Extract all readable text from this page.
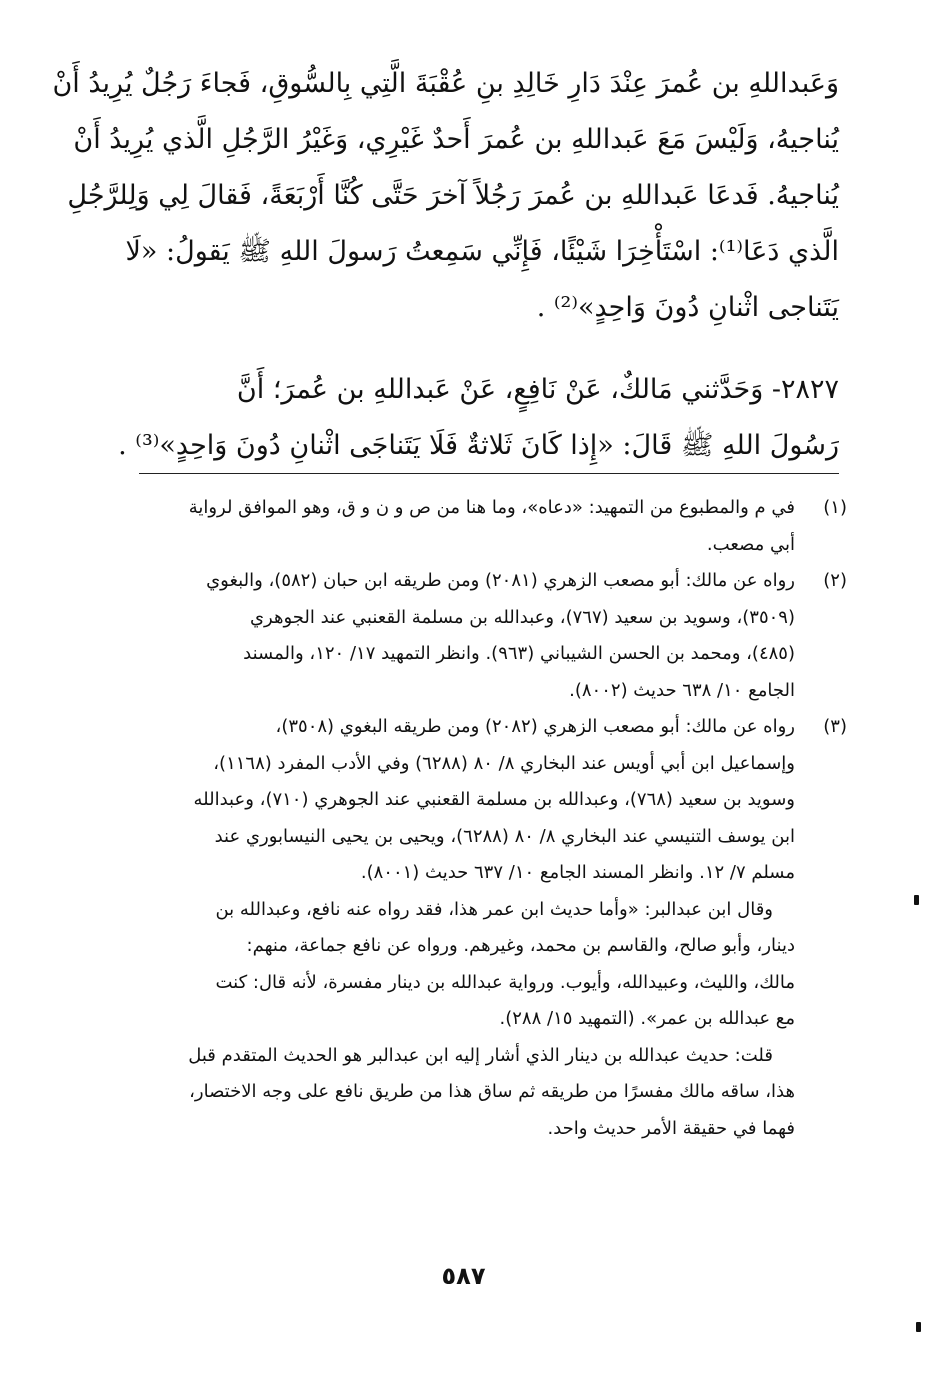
وَعَبداللهِ بن عُمرَ عِنْدَ دَارِ خَالِدِ بنِ عُقْبَةَ الَّتِي بِالسُّوقِ، فَجاءَ رَجُلٌ يُرِيدُ أَنْ
يُناجيهُ، وَلَيْسَ مَعَ عَبداللهِ بن عُمرَ أَحدٌ غَيْرِي، وَغَيْرُ الرَّجُلِ الَّذي يُرِيدُ أَنْ
يُناجيهُ. فَدعَا عَبداللهِ بن عُمرَ رَجُلاً آخرَ حَتَّى كُنَّا أَرْبَعَةً، فَقالَ لِي وَلِلرَّجُلِ
الَّذي دَعَا⁽¹⁾: اسْتَأْخِرَا شَيْئًا، فَإِنِّي سَمِعتُ رَسولَ اللهِ ﷺ يَقولُ: «لَا
يَتَناجى اثْنانِ دُونَ وَاحِدٍ»⁽²⁾ .
٢٨٢٧- وَحَدَّثني مَالكٌ، عَنْ نَافِعٍ، عَنْ عَبداللهِ بن عُمرَ؛ أَنَّ
رَسُولَ اللهِ ﷺ قَالَ: «إِذا كَانَ ثَلاثةٌ فَلَا يَتَناجَى اثْنانِ دُونَ وَاحِدٍ»⁽³⁾ .
(١)
في م والمطبوع من التمهيد: «دعاه»، وما هنا من ص و ن و ق، وهو الموافق لرواية
أبي مصعب.
(٢)
رواه عن مالك: أبو مصعب الزهري (٢٠٨١) ومن طريقه ابن حبان (٥٨٢)، والبغوي
(٣٥٠٩)، وسويد بن سعيد (٧٦٧)، وعبدالله بن مسلمة القعنبي عند الجوهري
(٤٨٥)، ومحمد بن الحسن الشيباني (٩٦٣). وانظر التمهيد ١٧/ ١٢٠، والمسند
الجامع ١٠/ ٦٣٨ حديث (٨٠٠٢).
(٣)
رواه عن مالك: أبو مصعب الزهري (٢٠٨٢) ومن طريقه البغوي (٣٥٠٨)،
وإسماعيل ابن أبي أويس عند البخاري ٨/ ٨٠ (٦٢٨٨) وفي الأدب المفرد (١١٦٨)،
وسويد بن سعيد (٧٦٨)، وعبدالله بن مسلمة القعنبي عند الجوهري (٧١٠)، وعبدالله
ابن يوسف التنيسي عند البخاري ٨/ ٨٠ (٦٢٨٨)، ويحيى بن يحيى النيسابوري عند
مسلم ٧/ ١٢. وانظر المسند الجامع ١٠/ ٦٣٧ حديث (٨٠٠١).
وقال ابن عبدالبر: «وأما حديث ابن عمر هذا، فقد رواه عنه نافع، وعبدالله بن
دينار، وأبو صالح، والقاسم بن محمد، وغيرهم. ورواه عن نافع جماعة، منهم:
مالك، والليث، وعبيدالله، وأيوب. ورواية عبدالله بن دينار مفسرة، لأنه قال: كنت
مع عبدالله بن عمر». (التمهيد ١٥/ ٢٨٨).
قلت: حديث عبدالله بن دينار الذي أشار إليه ابن عبدالبر هو الحديث المتقدم قبل
هذا، ساقه مالك مفسرًا من طريقه ثم ساق هذا من طريق نافع على وجه الاختصار،
فهما في حقيقة الأمر حديث واحد.
٥٨٧
